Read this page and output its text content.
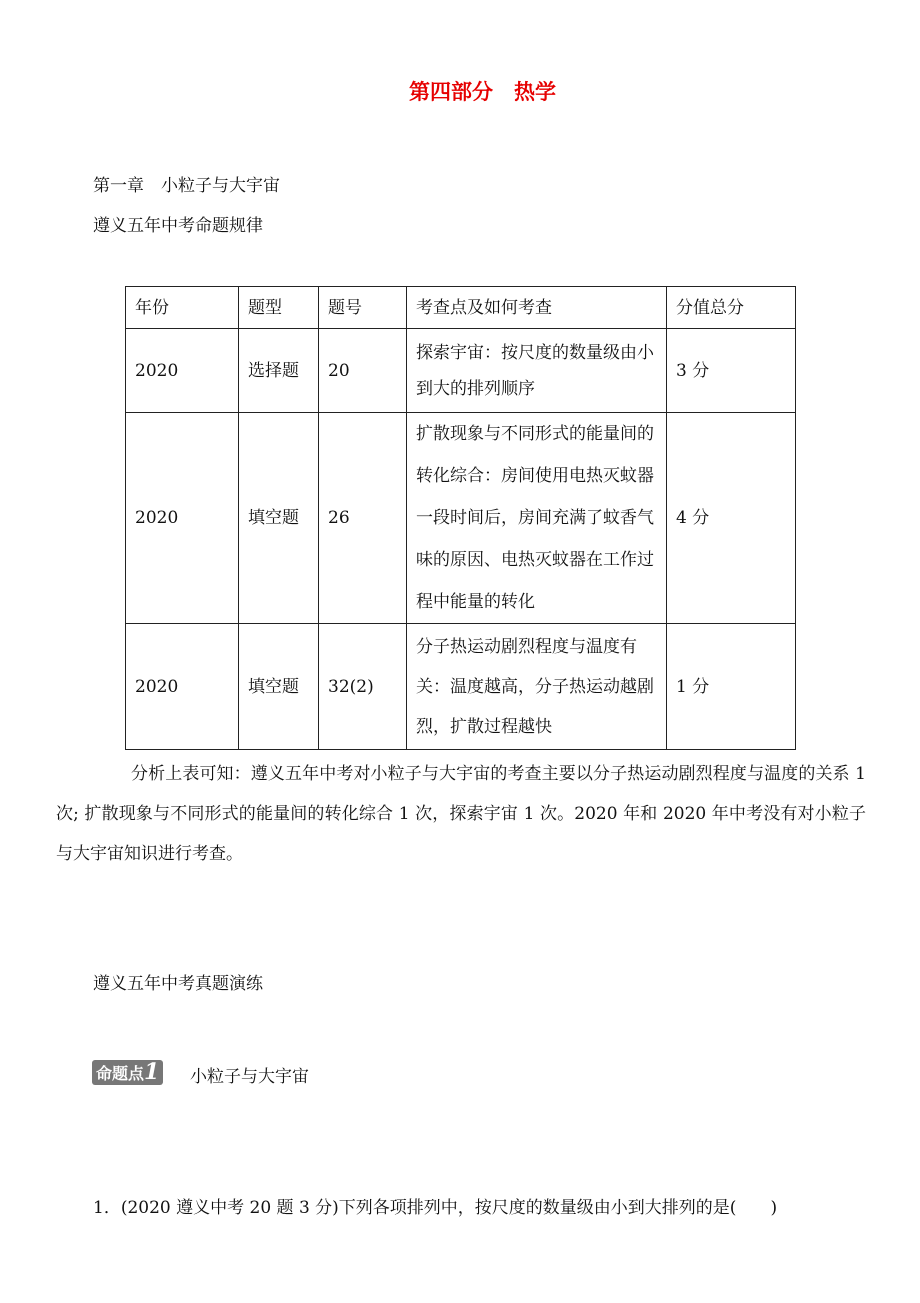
第四部分　热学
第一章　小粒子与大宇宙
遵义五年中考命题规律
年份	题型	题号	考查点及如何考查	分值总分
2020	选择题	20	探索宇宙：按尺度的数量级由小到大的排列顺序	3 分
2020	填空题	26	扩散现象与不同形式的能量间的转化综合：房间使用电热灭蚊器一段时间后，房间充满了蚊香气味的原因、电热灭蚊器在工作过程中能量的转化	4 分
2020	填空题	32(2)	分子热运动剧烈程度与温度有关：温度越高，分子热运动越剧烈，扩散过程越快	1 分
分析上表可知：遵义五年中考对小粒子与大宇宙的考查主要以分子热运动剧烈程度与温度的关系 1 次; 扩散现象与不同形式的能量间的转化综合 1 次，探索宇宙 1 次。2020 年和 2020 年中考没有对小粒子与大宇宙知识进行考查。
遵义五年中考真题演练
命题点1 小粒子与大宇宙
1．(2020 遵义中考 20 题 3 分)下列各项排列中，按尺度的数量级由小到大排列的是(　　)
